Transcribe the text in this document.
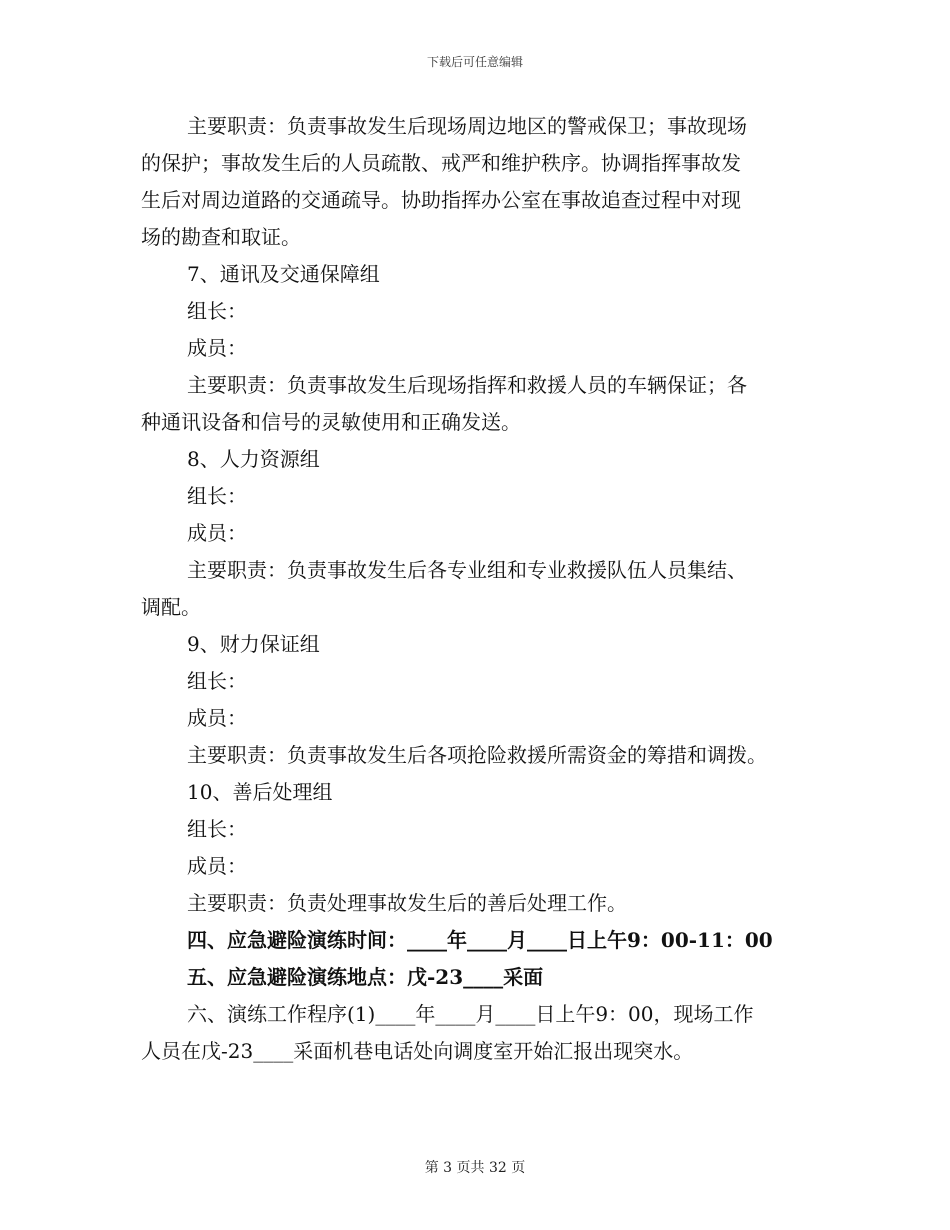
下载后可任意编辑
主要职责：负责事故发生后现场周边地区的警戒保卫；事故现场
的保护；事故发生后的人员疏散、戒严和维护秩序。协调指挥事故发
生后对周边道路的交通疏导。协助指挥办公室在事故追查过程中对现
场的勘查和取证。
7、通讯及交通保障组
组长：
成员：
主要职责：负责事故发生后现场指挥和救援人员的车辆保证；各
种通讯设备和信号的灵敏使用和正确发送。
8、人力资源组
组长：
成员：
主要职责：负责事故发生后各专业组和专业救援队伍人员集结、
调配。
9、财力保证组
组长：
成员：
主要职责：负责事故发生后各项抢险救援所需资金的筹措和调拨。
10、善后处理组
组长：
成员：
主要职责：负责处理事故发生后的善后处理工作。
四、应急避险演练时间：____年____月____日上午9：00-11：00
五、应急避险演练地点：戊-23____采面
六、演练工作程序(1)____年____月____日上午9：00，现场工作
人员在戊-23____采面机巷电话处向调度室开始汇报出现突水。
第 3 页共 32 页
